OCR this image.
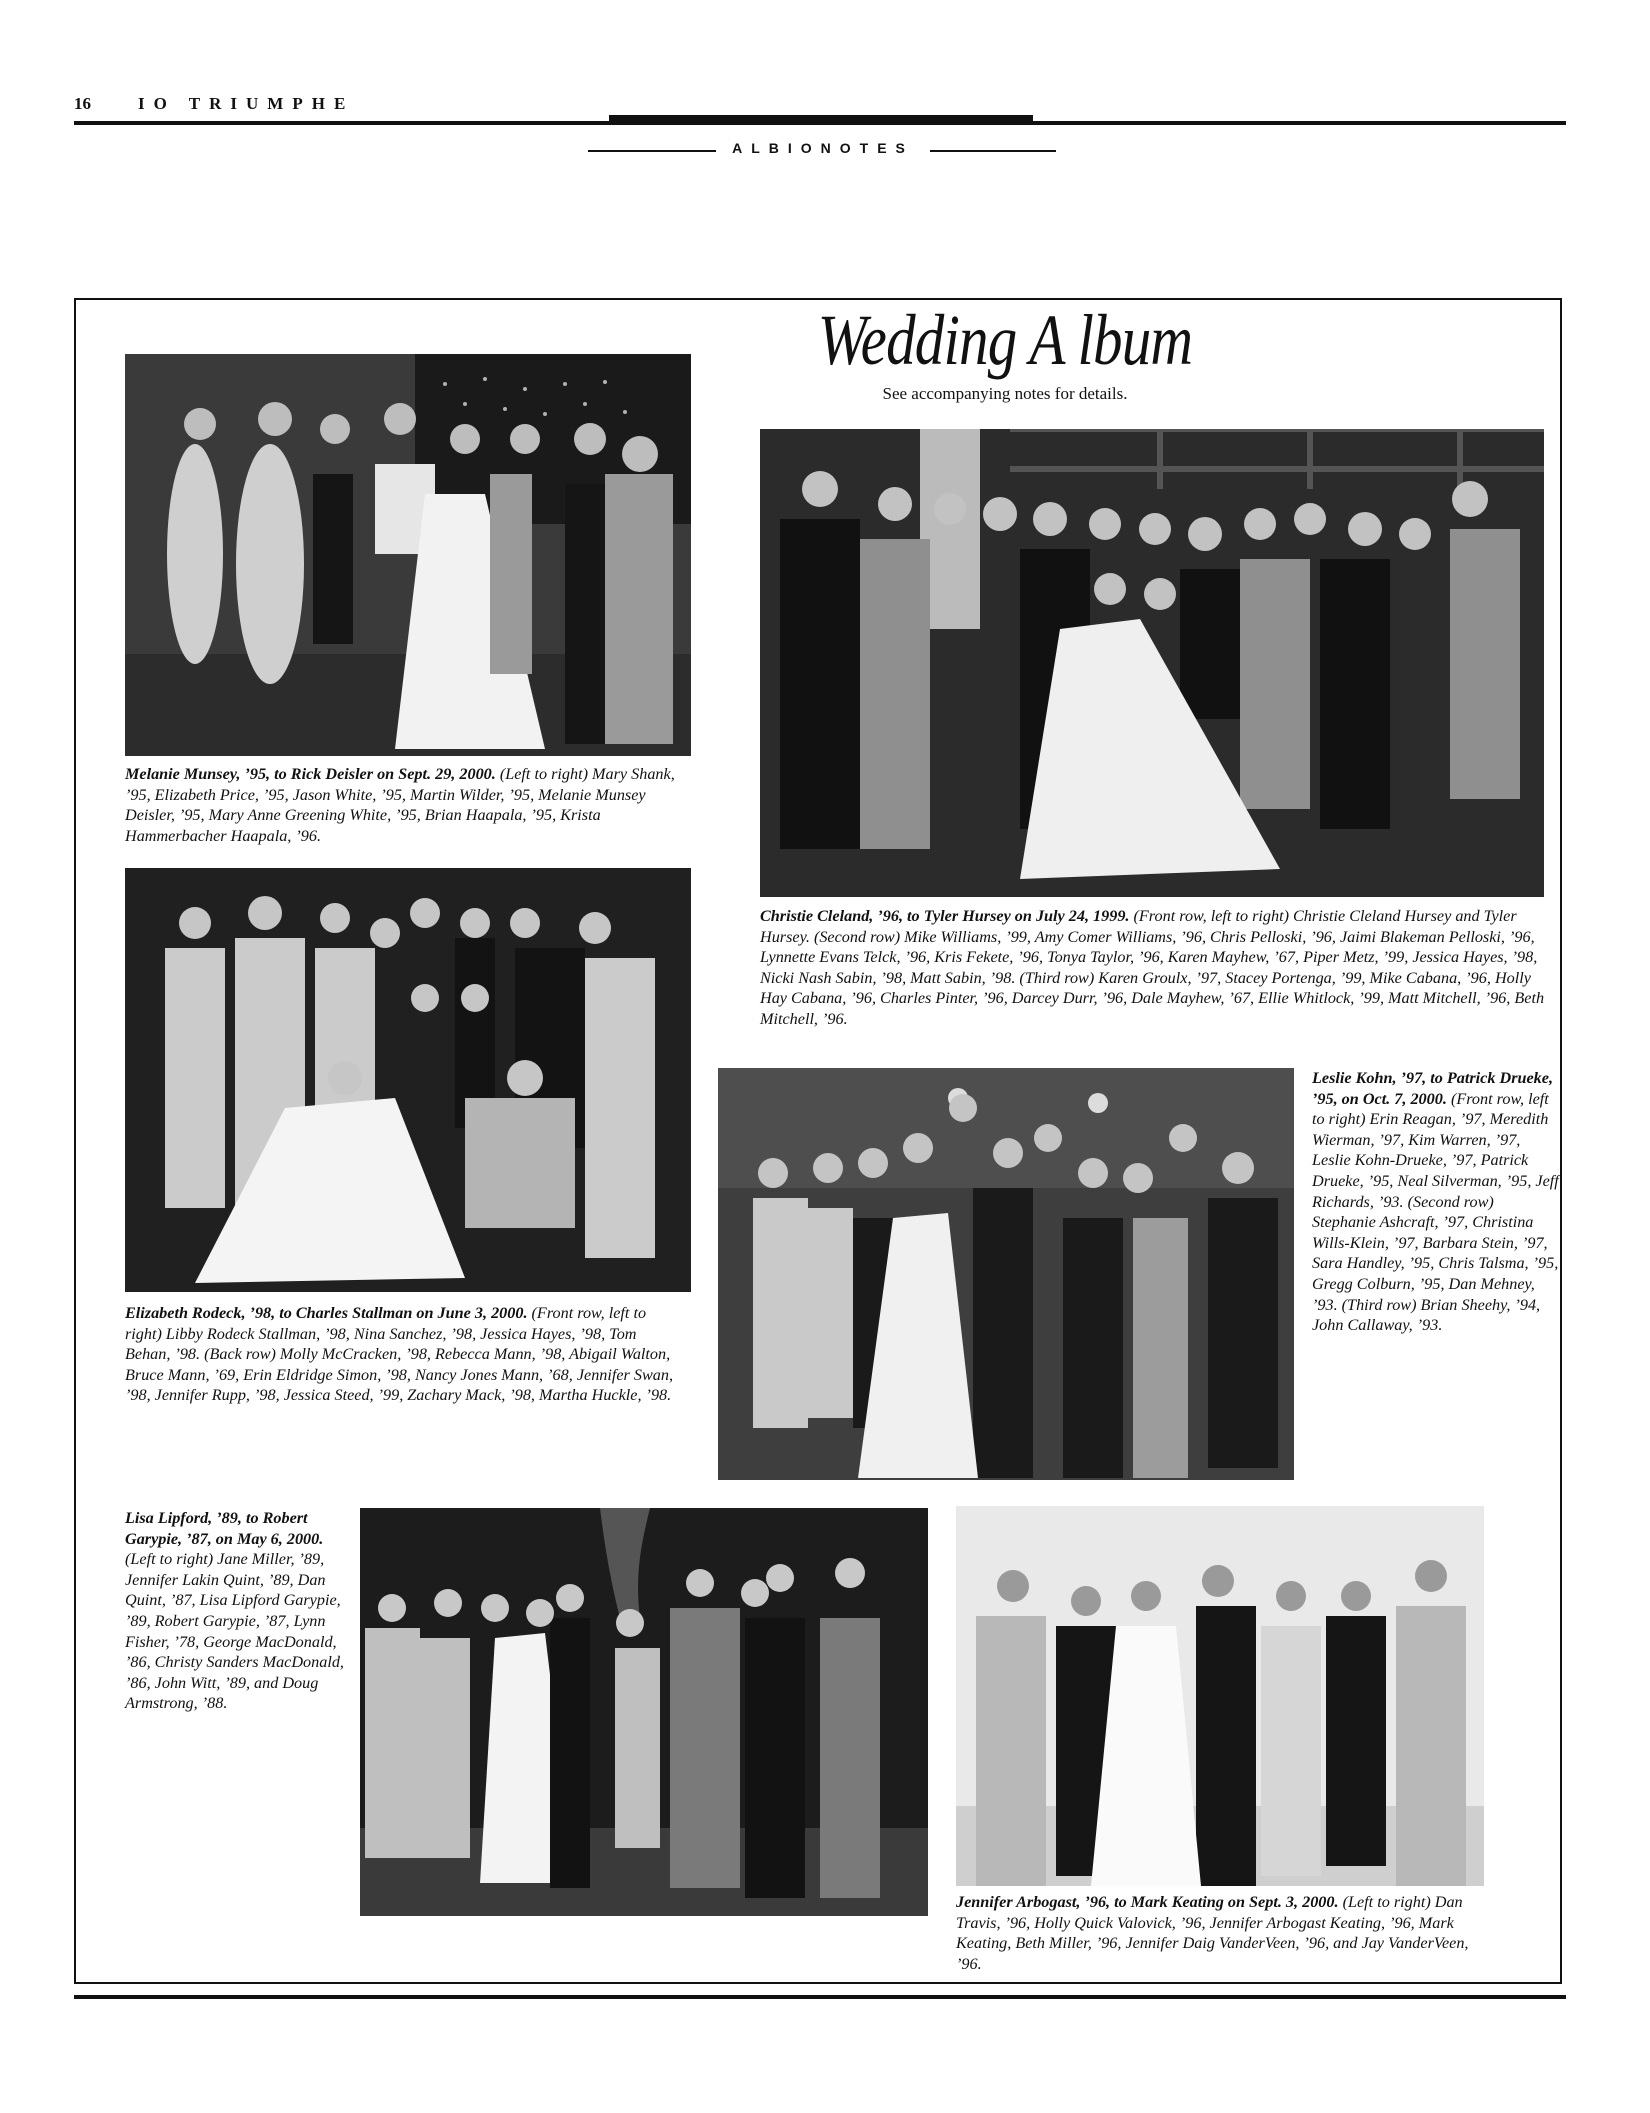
16	IO TRIUMPHE
ALBIONOTES
Wedding A lbum
See accompanying notes for details.
Melanie Munsey, ’95, to Rick Deisler on Sept. 29, 2000. (Left to right) Mary Shank, ’95, Elizabeth Price, ’95, Jason White, ’95, Martin Wilder, ’95, Melanie Munsey Deisler, ’95, Mary Anne Greening White, ’95, Brian Haapala, ’95, Krista Hammerbacher Haapala, ’96.
Christie Cleland, ’96, to Tyler Hursey on July 24, 1999. (Front row, left to right) Christie Cleland Hursey and Tyler Hursey. (Second row) Mike Williams, ’99, Amy Comer Williams, ’96, Chris Pelloski, ’96, Jaimi Blakeman Pelloski, ’96, Lynnette Evans Telck, ’96, Kris Fekete, ’96, Tonya Taylor, ’96, Karen Mayhew, ’67, Piper Metz, ’99, Jessica Hayes, ’98, Nicki Nash Sabin, ’98, Matt Sabin, ’98. (Third row) Karen Groulx, ’97, Stacey Portenga, ’99, Mike Cabana, ’96, Holly Hay Cabana, ’96, Charles Pinter, ’96, Darcey Durr, ’96, Dale Mayhew, ’67, Ellie Whitlock, ’99, Matt Mitchell, ’96, Beth Mitchell, ’96.
Elizabeth Rodeck, ’98, to Charles Stallman on June 3, 2000. (Front row, left to right) Libby Rodeck Stallman, ’98, Nina Sanchez, ’98, Jessica Hayes, ’98, Tom Behan, ’98. (Back row) Molly McCracken, ’98, Rebecca Mann, ’98, Abigail Walton, Bruce Mann, ’69, Erin Eldridge Simon, ’98, Nancy Jones Mann, ’68, Jennifer Swan, ’98, Jennifer Rupp, ’98, Jessica Steed, ’99, Zachary Mack, ’98, Martha Huckle, ’98.
Leslie Kohn, ’97, to Patrick Drueke, ’95, on Oct. 7, 2000. (Front row, left to right) Erin Reagan, ’97, Meredith Wierman, ’97, Kim Warren, ’97, Leslie Kohn-Drueke, ’97, Patrick Drueke, ’95, Neal Silverman, ’95, Jeff Richards, ’93. (Second row) Stephanie Ashcraft, ’97, Christina Wills-Klein, ’97, Barbara Stein, ’97, Sara Handley, ’95, Chris Talsma, ’95, Gregg Colburn, ’95, Dan Mehney, ’93. (Third row) Brian Sheehy, ’94, John Callaway, ’93.
Lisa Lipford, ’89, to Robert Garypie, ’87, on May 6, 2000. (Left to right) Jane Miller, ’89, Jennifer Lakin Quint, ’89, Dan Quint, ’87, Lisa Lipford Garypie, ’89, Robert Garypie, ’87, Lynn Fisher, ’78, George MacDonald, ’86, Christy Sanders MacDonald, ’86, John Witt, ’89, and Doug Armstrong, ’88.
Jennifer Arbogast, ’96, to Mark Keating on Sept. 3, 2000. (Left to right) Dan Travis, ’96, Holly Quick Valovick, ’96, Jennifer Arbogast Keating, ’96, Mark Keating, Beth Miller, ’96, Jennifer Daig VanderVeen, ’96, and Jay VanderVeen, ’96.
